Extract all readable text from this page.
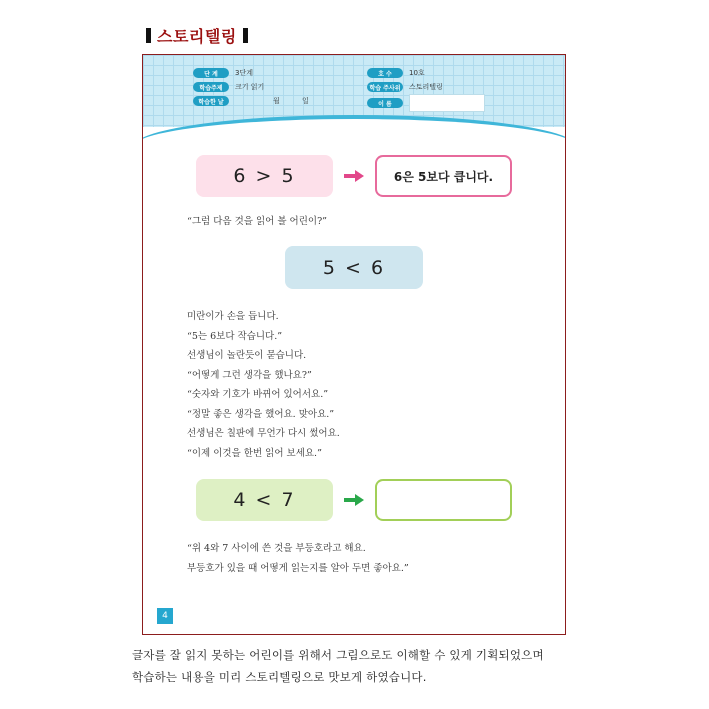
스토리텔링
단 계	3단계
학습주제	크기 읽기
학습한 날	월          일
호 수	10호
학습 주사위	스토리텔링
이 름
6 > 5	6은 5보다 큽니다.

“그럼 다음 것을 읽어 볼 어린이?”

5 < 6

미란이가 손을 듭니다.

“5는 6보다 작습니다.”

선생님이 놀란듯이 묻습니다.

“어떻게 그런 생각을 했나요?”

“숫자와 기호가 바뀌어 있어서요.”

“정말 좋은 생각을 했어요. 맞아요.”

선생님은 칠판에 무언가 다시 썼어요.

“이제 이것을 한번 읽어 보세요.”

4 < 7

“위 4와 7 사이에 쓴 것을 부등호라고 해요.

부등호가 있을 때 어떻게 읽는지를 알아 두면 좋아요.”

4

글자를 잘 읽지 못하는 어린이를 위해서 그림으로도 이해할 수 있게 기획되었으며

학습하는 내용을 미리 스토리텔링으로 맛보게 하였습니다.
